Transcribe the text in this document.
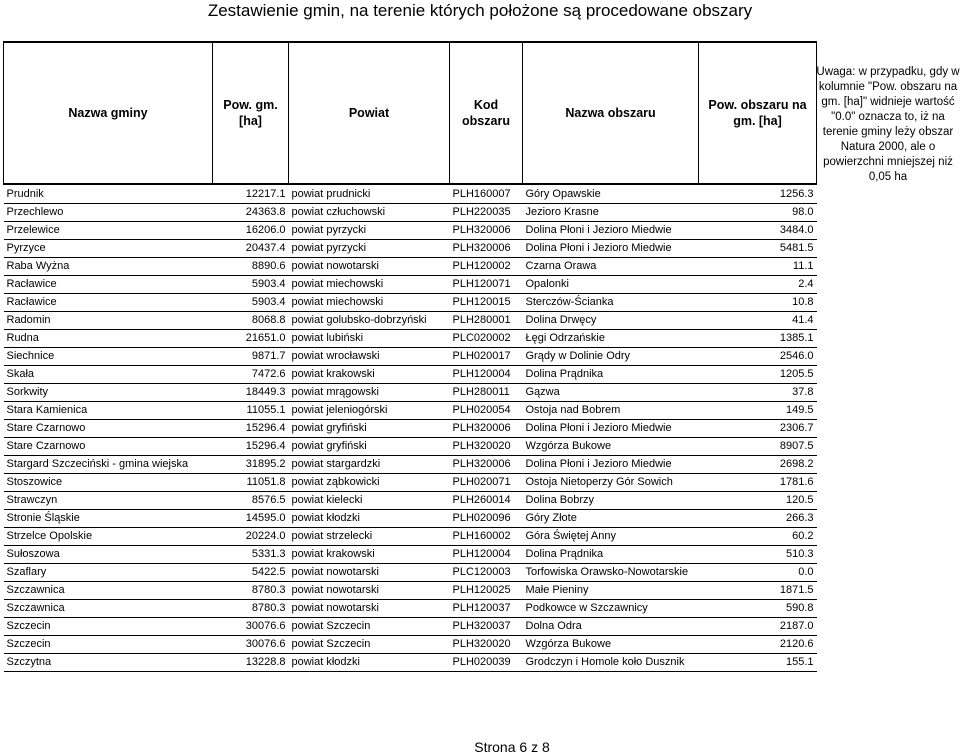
Zestawienie gmin, na terenie których położone są procedowane obszary
Nazwa gminy	Pow. gm. [ha]	Powiat	Kod obszaru	Nazwa obszaru	Pow. obszaru na gm. [ha]
Prudnik	12217.1	powiat prudnicki	PLH160007	Góry Opawskie	1256.3
Przechlewo	24363.8	powiat człuchowski	PLH220035	Jezioro Krasne	98.0
Przelewice	16206.0	powiat pyrzycki	PLH320006	Dolina Płoni i Jezioro Miedwie	3484.0
Pyrzyce	20437.4	powiat pyrzycki	PLH320006	Dolina Płoni i Jezioro Miedwie	5481.5
Raba Wyżna	8890.6	powiat nowotarski	PLH120002	Czarna Orawa	11.1
Racławice	5903.4	powiat miechowski	PLH120071	Opalonki	2.4
Racławice	5903.4	powiat miechowski	PLH120015	Sterczów-Ścianka	10.8
Radomin	8068.8	powiat golubsko-dobrzyński	PLH280001	Dolina Drwęcy	41.4
Rudna	21651.0	powiat lubiński	PLC020002	Łęgi Odrzańskie	1385.1
Siechnice	9871.7	powiat wrocławski	PLH020017	Grądy w Dolinie Odry	2546.0
Skała	7472.6	powiat krakowski	PLH120004	Dolina Prądnika	1205.5
Sorkwity	18449.3	powiat mrągowski	PLH280011	Gązwa	37.8
Stara Kamienica	11055.1	powiat jeleniogórski	PLH020054	Ostoja nad Bobrem	149.5
Stare Czarnowo	15296.4	powiat gryfiński	PLH320006	Dolina Płoni i Jezioro Miedwie	2306.7
Stare Czarnowo	15296.4	powiat gryfiński	PLH320020	Wzgórza Bukowe	8907.5
Stargard Szczeciński - gmina wiejska	31895.2	powiat stargardzki	PLH320006	Dolina Płoni i Jezioro Miedwie	2698.2
Stoszowice	11051.8	powiat ząbkowicki	PLH020071	Ostoja Nietoperzy Gór Sowich	1781.6
Strawczyn	8576.5	powiat kielecki	PLH260014	Dolina Bobrzy	120.5
Stronie Śląskie	14595.0	powiat kłodzki	PLH020096	Góry Złote	266.3
Strzelce Opolskie	20224.0	powiat strzelecki	PLH160002	Góra Świętej Anny	60.2
Sułoszowa	5331.3	powiat krakowski	PLH120004	Dolina Prądnika	510.3
Szaflary	5422.5	powiat nowotarski	PLC120003	Torfowiska Orawsko-Nowotarskie	0.0
Szczawnica	8780.3	powiat nowotarski	PLH120025	Małe Pieniny	1871.5
Szczawnica	8780.3	powiat nowotarski	PLH120037	Podkowce w Szczawnicy	590.8
Szczecin	30076.6	powiat Szczecin	PLH320037	Dolna Odra	2187.0
Szczecin	30076.6	powiat Szczecin	PLH320020	Wzgórza Bukowe	2120.6
Szczytna	13228.8	powiat kłodzki	PLH020039	Grodczyn i Homole koło Dusznik	155.1
Uwaga: w przypadku, gdy w kolumnie "Pow. obszaru na gm. [ha]" widnieje wartość "0.0" oznacza to, iż na terenie gminy leży obszar Natura 2000, ale o powierzchni mniejszej niż 0,05 ha
Strona 6 z 8
